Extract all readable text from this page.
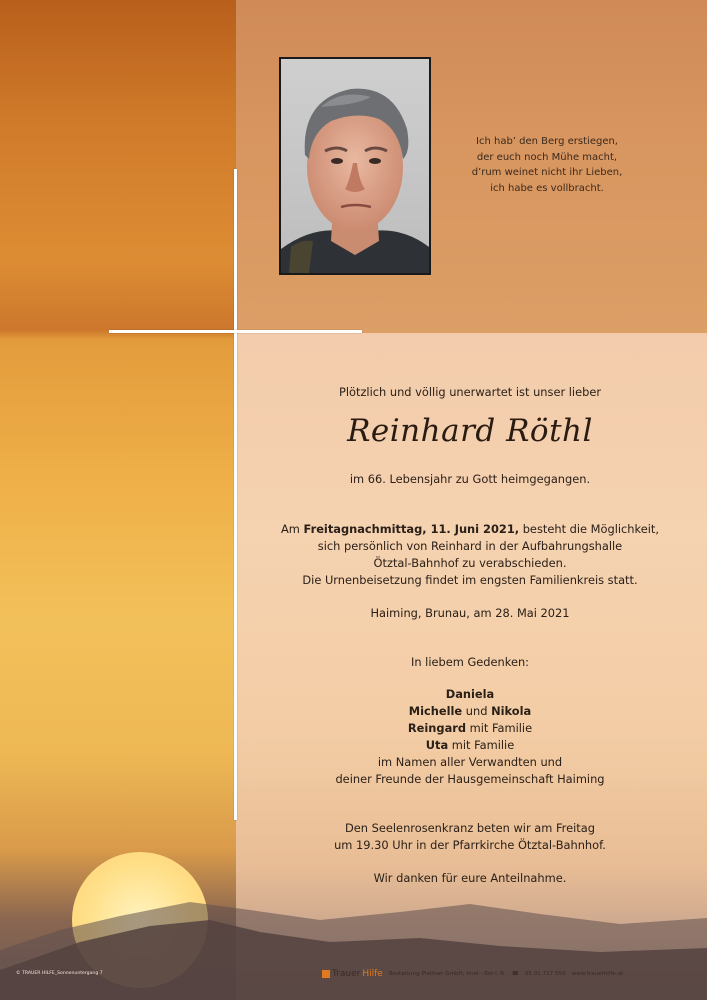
Ich hab’ den Berg erstiegen,
der euch noch Mühe macht,
d’rum weinet nicht ihr Lieben,
ich habe es vollbracht.
Plötzlich und völlig unerwartet ist unser lieber
Reinhard Röthl
im 66. Lebensjahr zu Gott heimgegangen.
Am Freitagnachmittag, 11. Juni 2021, besteht die Möglichkeit,
sich persönlich von Reinhard in der Aufbahrungshalle
Ötztal-Bahnhof zu verabschieden.
Die Urnenbeisetzung findet im engsten Familienkreis statt.
Haiming, Brunau, am 28. Mai 2021
In liebem Gedenken:
Daniela
Michelle und Nikola
Reingard mit Familie
Uta mit Familie
im Namen aller Verwandten und
deiner Freunde der Hausgemeinschaft Haiming
Den Seelenrosenkranz beten wir am Freitag
um 19.30 Uhr in der Pfarrkirche Ötztal-Bahnhof.
Wir danken für eure Anteilnahme.
© TRAUER HILFE_Sonnenuntergang 7	Trauer Hilfe Bestattung Plattner GmbH, Imst - Rot i. R. ☎ 05 01 717 550 www.trauerhilfe.at
